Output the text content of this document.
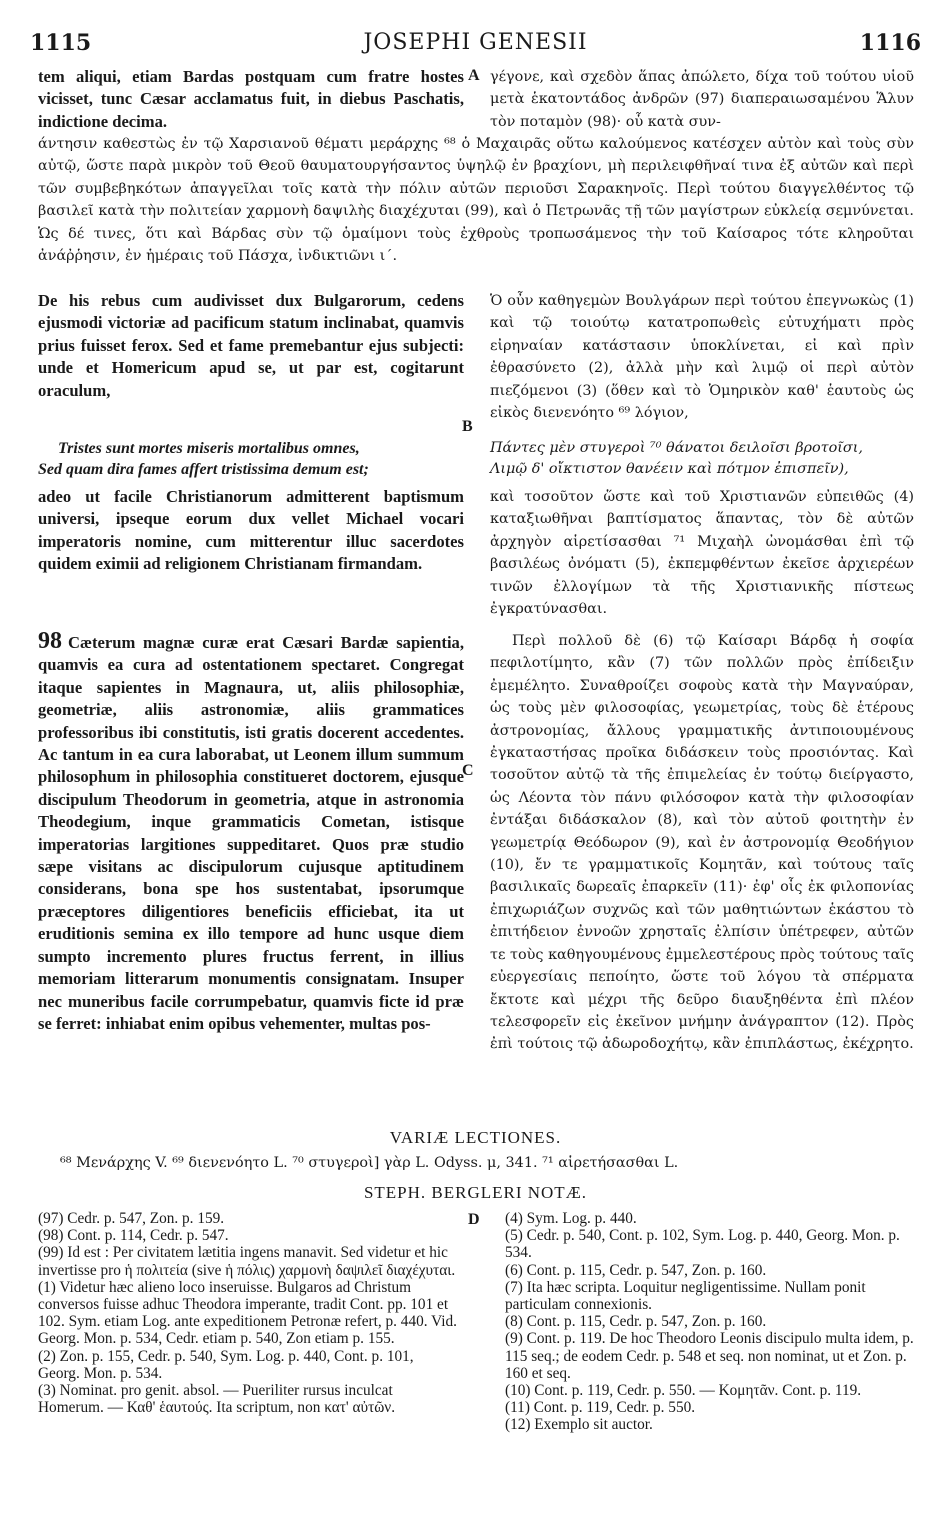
1115	JOSEPHI GENESII	1116

tem aliqui, etiam Bardas postquam cum fratre hostes vicisset, tunc Cæsar acclamatus fuit, in diebus Paschatis, indictione decima.

A γέγονε, καὶ σχεδὸν ἅπας ἀπώλετο, δίχα τοῦ τούτου υἱοῦ μετὰ ἑκατοντάδος ἀνδρῶν (97) διαπεραιωσαμένου Ἅλυν τὸν ποταμὸν (98)· οὗ κατὰ συν-

άντησιν καθεστὼς ἐν τῷ Χαρσιανοῦ θέματι μεράρχης ⁶⁸ ὁ Μαχαιρᾶς οὕτω καλούμενος κατέσχεν αὐτὸν καὶ τοὺς σὺν αὐτῷ, ὥστε παρὰ μικρὸν τοῦ Θεοῦ θαυματουργήσαντος ὑψηλῷ ἐν βραχίονι, μὴ περιλειφθῆναί τινα ἐξ αὐτῶν καὶ περὶ τῶν συμβεβηκότων ἀπαγγεῖλαι τοῖς κατὰ τὴν πόλιν αὐτῶν περιοῦσι Σαρακηνοῖς. Περὶ τούτου διαγγελθέντος τῷ βασιλεῖ κατὰ τὴν πολιτείαν χαρμονὴ δαψιλὴς διαχέχυται (99), καὶ ὁ Πετρωνᾶς τῇ τῶν μαγίστρων εὐκλείᾳ σεμνύνεται. Ὡς δέ τινες, ὅτι καὶ Βάρδας σὺν τῷ ὁμαίμονι τοὺς ἐχθροὺς τροπωσάμενος τὴν τοῦ Καίσαρος τότε κληροῦται ἀνάῤῥησιν, ἐν ἡμέραις τοῦ Πάσχα, ἰνδικτιῶνι ι΄.

De his rebus cum audivisset dux Bulgarorum, cedens ejusmodi victoriæ ad pacificum statum inclinabat, quamvis prius fuisset ferox. Sed et fame premebantur ejus subjecti: unde et Homericum apud se, ut par est, cogitarunt oraculum,

Ὁ οὖν καθηγεμὼν Βουλγάρων περὶ τούτου ἐπεγνωκὼς (1) καὶ τῷ τοιούτῳ κατατροπωθεὶς εὐτυχήματι πρὸς εἰρηναίαν κατάστασιν ὑποκλίνεται, εἰ καὶ πρὶν ἐθρασύνετο (2), ἀλλὰ μὴν καὶ λιμῷ οἱ περὶ αὐτὸν πιεζόμενοι (3) (ὅθεν καὶ τὸ Ὁμηρικὸν καθ' ἑαυτοὺς ὡς εἰκὸς διενενόητο ⁶⁹ λόγιον,

B

Tristes sunt mortes miseris mortalibus omnes,

Sed quam dira fames affert tristissima demum est;

Πάντες μὲν στυγεροὶ ⁷⁰ θάνατοι δειλοῖσι βροτοῖσι,

Λιμῷ δ' οἴκτιστον θανέειν καὶ πότμον ἐπισπεῖν),

adeo ut facile Christianorum admitterent baptismum universi, ipseque eorum dux vellet Michael vocari imperatoris nomine, cum mitterentur illuc sacerdotes quidem eximii ad religionem Christianam firmandam.

καὶ τοσοῦτον ὥστε καὶ τοῦ Χριστιανῶν εὐπειθῶς (4) καταξιωθῆναι βαπτίσματος ἅπαντας, τὸν δὲ αὐτῶν ἀρχηγὸν αἱρετίσασθαι ⁷¹ Μιχαὴλ ὠνομάσθαι ἐπὶ τῷ βασιλέως ὀνόματι (5), ἐκπεμφθέντων ἐκεῖσε ἀρχιερέων τινῶν ἐλλογίμων τὰ τῆς Χριστιανικῆς πίστεως ἐγκρατύνασθαι.

98 Cæterum magnæ curæ erat Cæsari Bardæ sapientia, quamvis ea cura ad ostentationem spectaret. Congregat itaque sapientes in Magnaura, ut, aliis philosophiæ, geometriæ, aliis astronomiæ, aliis grammatices professoribus ibi constitutis, isti gratis docerent accedentes. Ac tantum in ea cura laborabat, ut Leonem illum summum philosophum in philosophia constitueret doctorem, ejusque discipulum Theodorum in geometria, atque in astronomia Theodegium, inque grammaticis Cometan, istisque imperatorias largitiones suppeditaret. Quos præ studio sæpe visitans ac discipulorum cujusque aptitudinem considerans, bona spe hos sustentabat, ipsorumque præceptores diligentiores beneficiis efficiebat, ita ut eruditionis semina ex illo tempore ad hunc usque diem sumpto incremento plures fructus ferrent, in illius memoriam litterarum monumentis consignatam. Insuper nec muneribus facile corrumpebatur, quamvis ficte id præ se ferret: inhiabat enim opibus vehementer, multas pos-

C

Περὶ πολλοῦ δὲ (6) τῷ Καίσαρι Βάρδᾳ ἡ σοφία πεφιλοτίμητο, κἂν (7) τῶν πολλῶν πρὸς ἐπίδειξιν ἐμεμέλητο. Συναθροίζει σοφοὺς κατὰ τὴν Μαγναύραν, ὡς τοὺς μὲν φιλοσοφίας, γεωμετρίας, τοὺς δὲ ἑτέρους ἀστρονομίας, ἄλλους γραμματικῆς ἀντιποιουμένους ἐγκαταστήσας προῖκα διδάσκειν τοὺς προσιόντας. Καὶ τοσοῦτον αὐτῷ τὰ τῆς ἐπιμελείας ἐν τούτῳ διείργαστο, ὡς Λέοντα τὸν πάνυ φιλόσοφον κατὰ τὴν φιλοσοφίαν ἐντάξαι διδάσκαλον (8), καὶ τὸν αὐτοῦ φοιτητὴν ἐν γεωμετρίᾳ Θεόδωρον (9), καὶ ἐν ἀστρονομίᾳ Θεοδήγιον (10), ἔν τε γραμματικοῖς Κομητᾶν, καὶ τούτους ταῖς βασιλικαῖς δωρεαῖς ἐπαρκεῖν (11)· ἐφ' οἷς ἐκ φιλοπονίας ἐπιχωριάζων συχνῶς καὶ τῶν μαθητιώντων ἑκάστου τὸ ἐπιτήδειον ἐννοῶν χρησταῖς ἐλπίσιν ὑπέτρεφεν, αὐτῶν τε τοὺς καθηγουμένους ἐμμελεστέρους πρὸς τούτους ταῖς εὐεργεσίαις πεποίητο, ὥστε τοῦ λόγου τὰ σπέρματα ἔκτοτε καὶ μέχρι τῆς δεῦρο διαυξηθέντα ἐπὶ πλέον τελεσφορεῖν εἰς ἐκεῖνον μνήμην ἀνάγραπτον (12). Πρὸς ἐπὶ τούτοις τῷ ἀδωροδοχήτῳ, κἂν ἐπιπλάστως, ἐκέχρητο.

VARIÆ LECTIONES.
⁶⁸ Μενάρχης V. ⁶⁹ διενενόητο L. ⁷⁰ στυγεροὶ] γὰρ L. Odyss. μ, 341. ⁷¹ αἱρετήσασθαι L.
STEPH. BERGLERI NOTÆ.

(97) Cedr. p. 547, Zon. p. 159.

(98) Cont. p. 114, Cedr. p. 547.

(99) Id est : Per civitatem lætitia ingens manavit. Sed videtur et hic invertisse pro ἡ πολιτεία (sive ἡ πόλις) χαρμονὴ δαψιλεῖ διαχέχυται.

(1) Videtur hæc alieno loco inseruisse. Bulgaros ad Christum conversos fuisse adhuc Theodora imperante, tradit Cont. pp. 101 et 102. Sym. etiam Log. ante expeditionem Petronæ refert, p. 440. Vid. Georg. Mon. p. 534, Cedr. etiam p. 540, Zon etiam p. 155.

(2) Zon. p. 155, Cedr. p. 540, Sym. Log. p. 440, Cont. p. 101, Georg. Mon. p. 534.

(3) Nominat. pro genit. absol. — Pueriliter rursus inculcat Homerum. — Καθ' ἑαυτούς. Ita scriptum, non κατ' αὐτῶν.

D (4) Sym. Log. p. 440.

(5) Cedr. p. 540, Cont. p. 102, Sym. Log. p. 440, Georg. Mon. p. 534.

(6) Cont. p. 115, Cedr. p. 547, Zon. p. 160.

(7) Ita hæc scripta. Loquitur negligentissime. Nullam ponit particulam connexionis.

(8) Cont. p. 115, Cedr. p. 547, Zon. p. 160.

(9) Cont. p. 119. De hoc Theodoro Leonis discipulo multa idem, p. 115 seq.; de eodem Cedr. p. 548 et seq. non nominat, ut et Zon. p. 160 et seq.

(10) Cont. p. 119, Cedr. p. 550. — Κομητᾶν. Cont. p. 119.

(11) Cont. p. 119, Cedr. p. 550.

(12) Exemplo sit auctor.
